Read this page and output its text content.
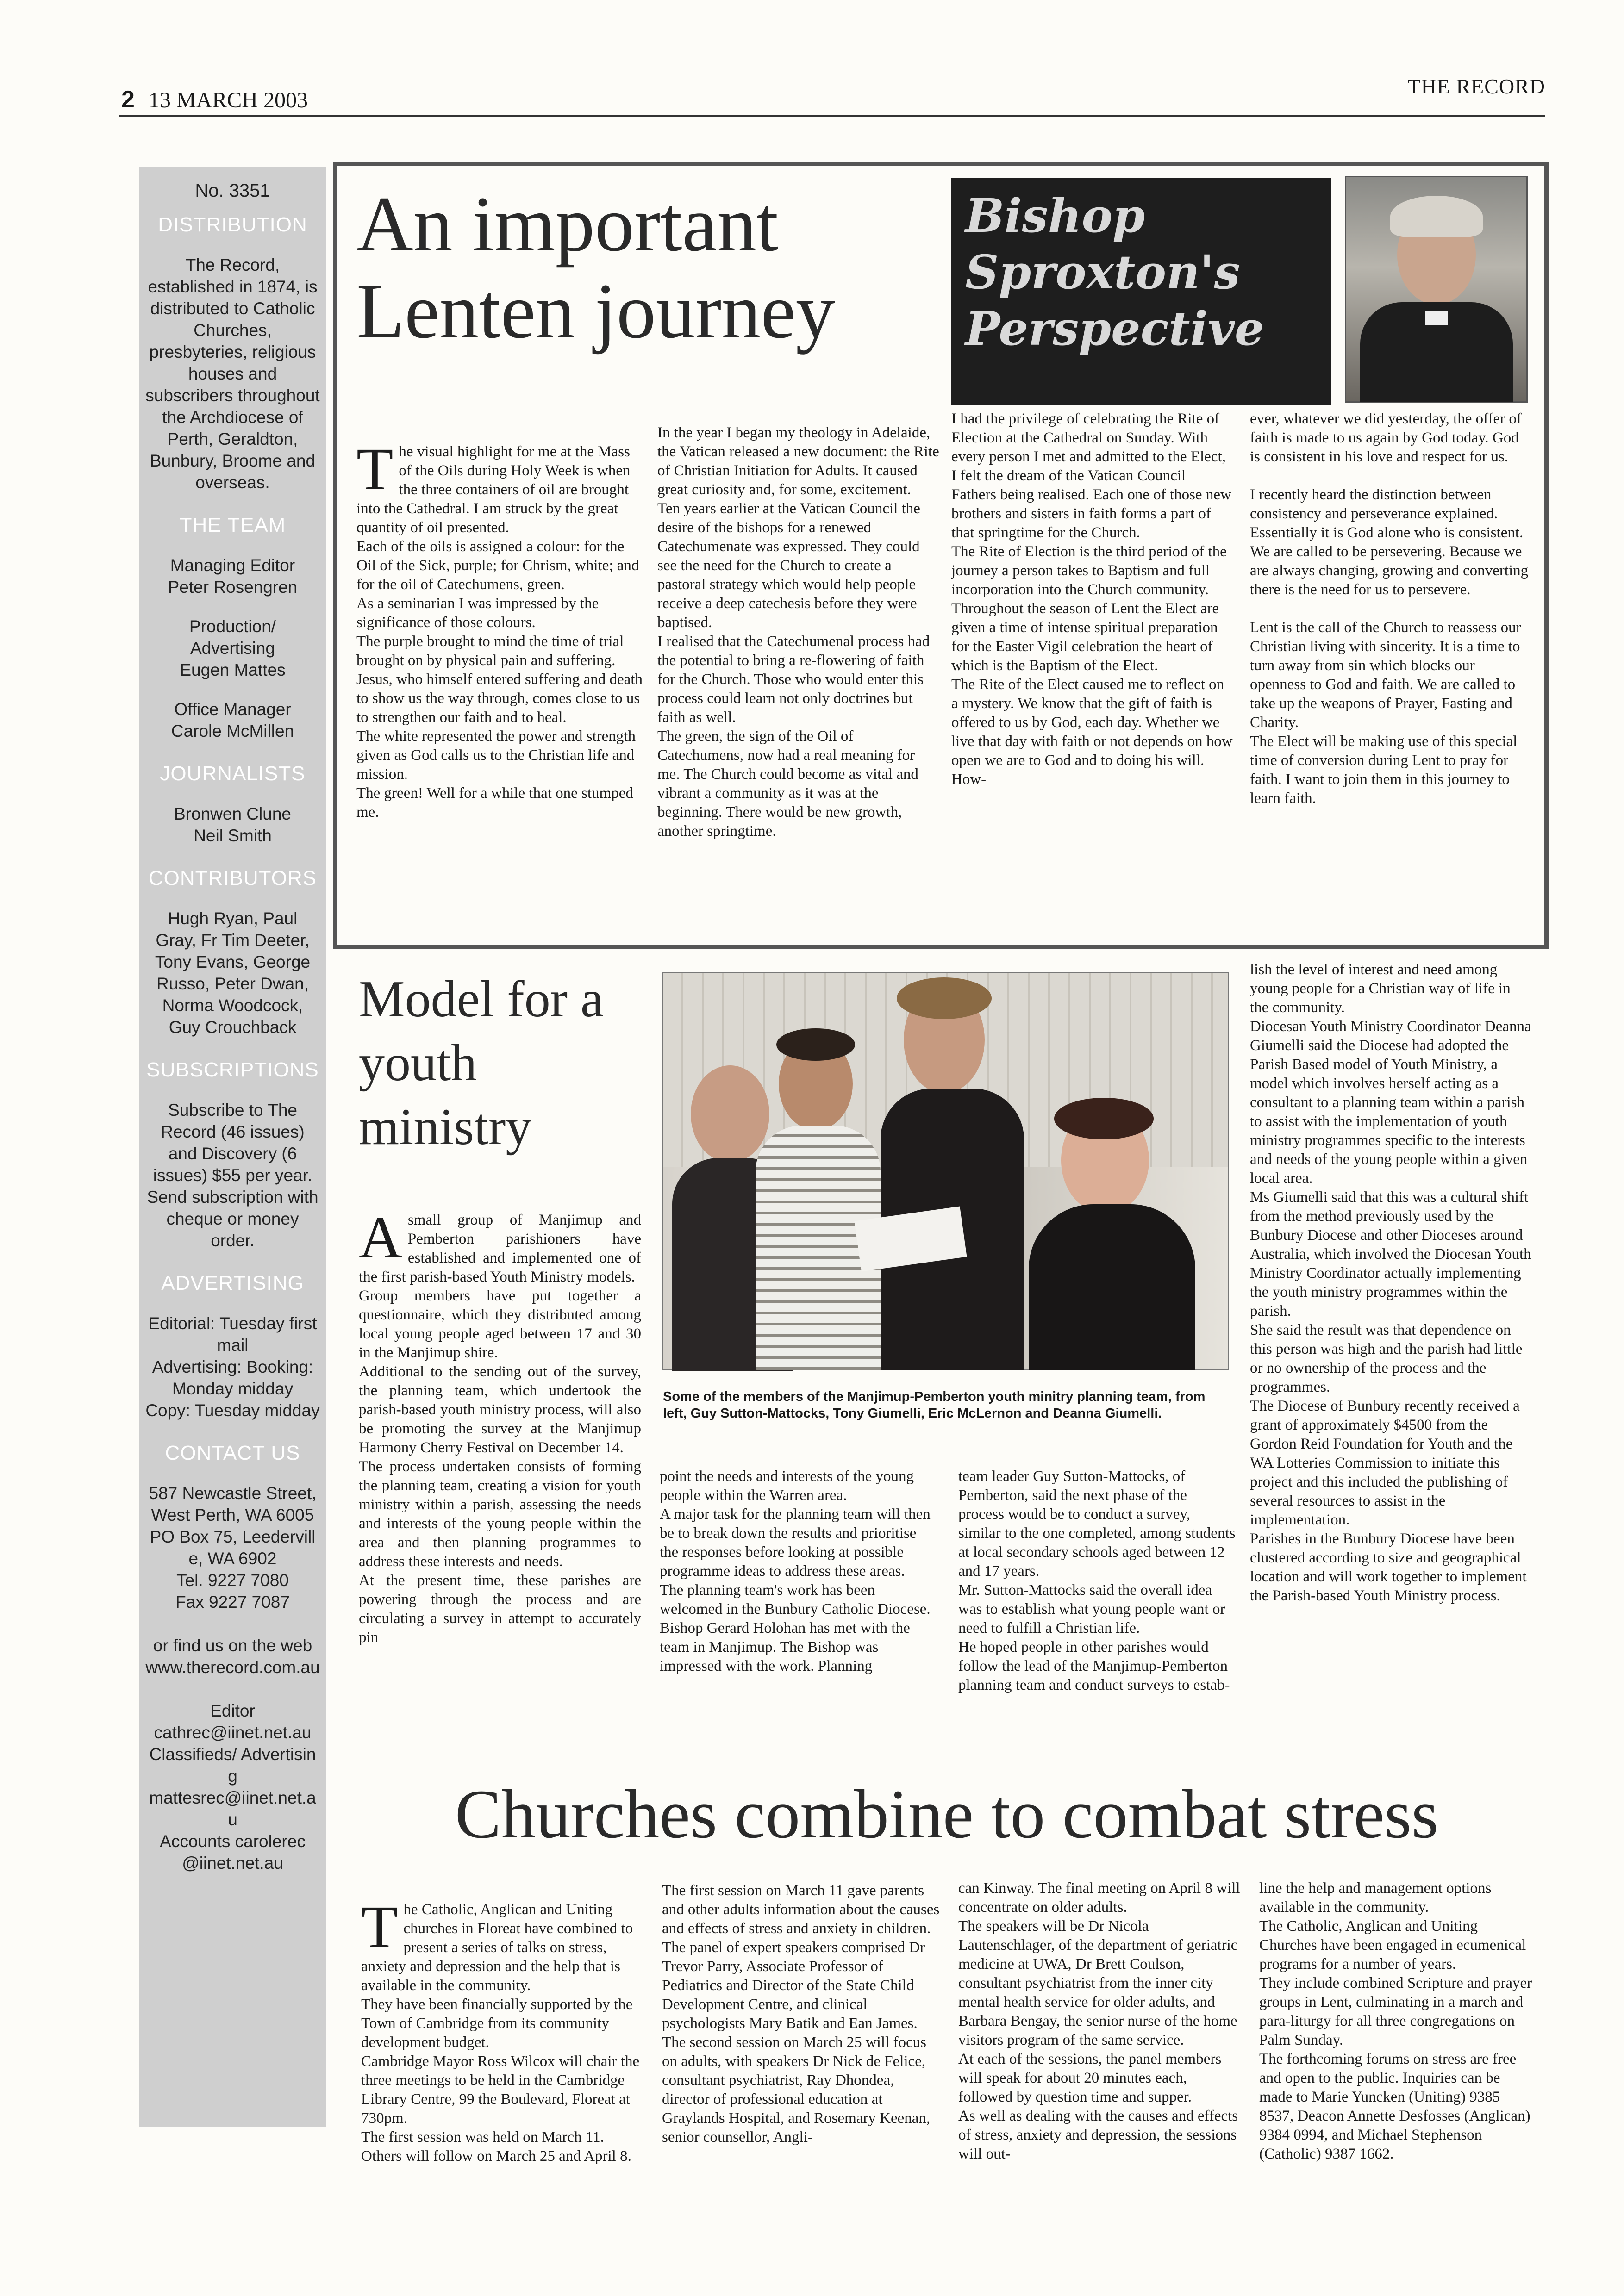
2 13 MARCH 2003
THE RECORD
No. 3351
DISTRIBUTION
The Record, established in 1874, is distributed to Catholic Churches, presbyteries, religious houses and subscribers throughout the Archdiocese of Perth, Geraldton, Bunbury, Broome and overseas.
THE TEAM
Managing Editor
Peter Rosengren
Production/
Advertising
Eugen Mattes
Office Manager
Carole McMillen
JOURNALISTS
Bronwen Clune
Neil Smith
CONTRIBUTORS
Hugh Ryan, Paul Gray, Fr Tim Deeter, Tony Evans, George Russo, Peter Dwan, Norma Woodcock, Guy Crouchback
SUBSCRIPTIONS
Subscribe to The Record (46 issues) and Discovery (6 issues) $55 per year. Send subscription with cheque or money order.
ADVERTISING
Editorial: Tuesday first mail
Advertising: Booking: Monday midday
Copy: Tuesday midday
CONTACT US
587 Newcastle Street, West Perth, WA 6005
PO Box 75, Leederville, WA 6902
Tel. 9227 7080
Fax 9227 7087

or find us on the web www.therecord.com.au

Editor
cathrec@iinet.net.au
Classifieds/ Advertising
mattesrec@iinet.net.au
Accounts carolerec
@iinet.net.au
An important Lenten journey
Bishop Sproxton's Perspective

The visual highlight for me at the Mass of the Oils during Holy Week is when the three containers of oil are brought into the Cathedral. I am struck by the great quantity of oil presented.
Each of the oils is assigned a colour: for the Oil of the Sick, purple; for Chrism, white; and for the oil of Catechumens, green.
As a seminarian I was impressed by the significance of those colours.
The purple brought to mind the time of trial brought on by physical pain and suffering. Jesus, who himself entered suffering and death to show us the way through, comes close to us to strengthen our faith and to heal.
The white represented the power and strength given as God calls us to the Christian life and mission.
The green! Well for a while that one stumped me.

In the year I began my theology in Adelaide, the Vatican released a new document: the Rite of Christian Initiation for Adults. It caused great curiosity and, for some, excitement.
Ten years earlier at the Vatican Council the desire of the bishops for a renewed Catechumenate was expressed. They could see the need for the Church to create a pastoral strategy which would help people receive a deep catechesis before they were baptised.
I realised that the Catechumenal process had the potential to bring a re-flowering of faith for the Church. Those who would enter this process could learn not only doctrines but faith as well.
The green, the sign of the Oil of Catechumens, now had a real meaning for me. The Church could become as vital and vibrant a community as it was at the beginning. There would be new growth, another springtime.
I had the privilege of celebrating the Rite of Election at the Cathedral on Sunday. With every person I met and admitted to the Elect, I felt the dream of the Vatican Council Fathers being realised. Each one of those new brothers and sisters in faith forms a part of that springtime for the Church.
The Rite of Election is the third period of the journey a person takes to Baptism and full incorporation into the Church community. Throughout the season of Lent the Elect are given a time of intense spiritual preparation for the Easter Vigil celebration the heart of which is the Baptism of the Elect.
The Rite of the Elect caused me to reflect on a mystery. We know that the gift of faith is offered to us by God, each day. Whether we live that day with faith or not depends on how open we are to God and to doing his will. How-
ever, whatever we did yesterday, the offer of faith is made to us again by God today. God is consistent in his love and respect for us.

I recently heard the distinction between consistency and perseverance explained. Essentially it is God alone who is consistent. We are called to be persevering. Because we are always changing, growing and converting there is the need for us to persevere.

Lent is the call of the Church to reassess our Christian living with sincerity. It is a time to turn away from sin which blocks our openness to God and faith. We are called to take up the weapons of Prayer, Fasting and Charity.
The Elect will be making use of this special time of conversion during Lent to pray for faith. I want to join them in this journey to learn faith.
Model for a youth ministry
Some of the members of the Manjimup-Pemberton youth minitry planning team, from left, Guy Sutton-Mattocks, Tony Giumelli, Eric McLernon and Deanna Giumelli.

Asmall group of Manjimup and Pemberton parishioners have established and implemented one of the first parish-based Youth Ministry models.
Group members have put together a questionnaire, which they distributed among local young people aged between 17 and 30 in the Manjimup shire.
Additional to the sending out of the survey, the planning team, which undertook the parish-based youth ministry process, will also be promoting the survey at the Manjimup Harmony Cherry Festival on December 14.
The process undertaken consists of forming the planning team, creating a vision for youth ministry within a parish, assessing the needs and interests of the young people within the area and then planning programmes to address these interests and needs.
At the present time, these parishes are powering through the process and are circulating a survey in attempt to accurately pin

point the needs and interests of the young people within the Warren area.
A major task for the planning team will then be to break down the results and prioritise the responses before looking at possible programme ideas to address these areas.
The planning team's work has been welcomed in the Bunbury Catholic Diocese. Bishop Gerard Holohan has met with the team in Manjimup. The Bishop was impressed with the work. Planning
team leader Guy Sutton-Mattocks, of Pemberton, said the next phase of the process would be to conduct a survey, similar to the one completed, among students at local secondary schools aged between 12 and 17 years.
Mr. Sutton-Mattocks said the overall idea was to establish what young people want or need to fulfill a Christian life.
He hoped people in other parishes would follow the lead of the Manjimup-Pemberton planning team and conduct surveys to estab-
lish the level of interest and need among young people for a Christian way of life in the community.
Diocesan Youth Ministry Coordinator Deanna Giumelli said the Diocese had adopted the Parish Based model of Youth Ministry, a model which involves herself acting as a consultant to a planning team within a parish to assist with the implementation of youth ministry programmes specific to the interests and needs of the young people within a given local area.
Ms Giumelli said that this was a cultural shift from the method previously used by the Bunbury Diocese and other Dioceses around Australia, which involved the Diocesan Youth Ministry Coordinator actually implementing the youth ministry programmes within the parish.
She said the result was that dependence on this person was high and the parish had little or no ownership of the process and the programmes.
The Diocese of Bunbury recently received a grant of approximately $4500 from the Gordon Reid Foundation for Youth and the WA Lotteries Commission to initiate this project and this included the publishing of several resources to assist in the implementation.
Parishes in the Bunbury Diocese have been clustered according to size and geographical location and will work together to implement the Parish-based Youth Ministry process.
Churches combine to combat stress

The Catholic, Anglican and Uniting churches in Floreat have combined to present a series of talks on stress, anxiety and depression and the help that is available in the community.
They have been financially supported by the Town of Cambridge from its community development budget.
Cambridge Mayor Ross Wilcox will chair the three meetings to be held in the Cambridge Library Centre, 99 the Boulevard, Floreat at 730pm.
The first session was held on March 11.
Others will follow on March 25 and April 8.

The first session on March 11 gave parents and other adults information about the causes and effects of stress and anxiety in children.
The panel of expert speakers comprised Dr Trevor Parry, Associate Professor of Pediatrics and Director of the State Child Development Centre, and clinical psychologists Mary Batik and Ean James.
The second session on March 25 will focus on adults, with speakers Dr Nick de Felice, consultant psychiatrist, Ray Dhondea, director of professional education at Graylands Hospital, and Rosemary Keenan, senior counsellor, Angli-
can Kinway. The final meeting on April 8 will concentrate on older adults.
The speakers will be Dr Nicola Lautenschlager, of the department of geriatric medicine at UWA, Dr Brett Coulson, consultant psychiatrist from the inner city mental health service for older adults, and Barbara Bengay, the senior nurse of the home visitors program of the same service.
At each of the sessions, the panel members will speak for about 20 minutes each, followed by question time and supper.
As well as dealing with the causes and effects of stress, anxiety and depression, the sessions will out-
line the help and management options available in the community.
The Catholic, Anglican and Uniting Churches have been engaged in ecumenical programs for a number of years.
They include combined Scripture and prayer groups in Lent, culminating in a march and para-liturgy for all three congregations on Palm Sunday.
The forthcoming forums on stress are free and open to the public. Inquiries can be made to Marie Yuncken (Uniting) 9385 8537, Deacon Annette Desfosses (Anglican) 9384 0994, and Michael Stephenson (Catholic) 9387 1662.
